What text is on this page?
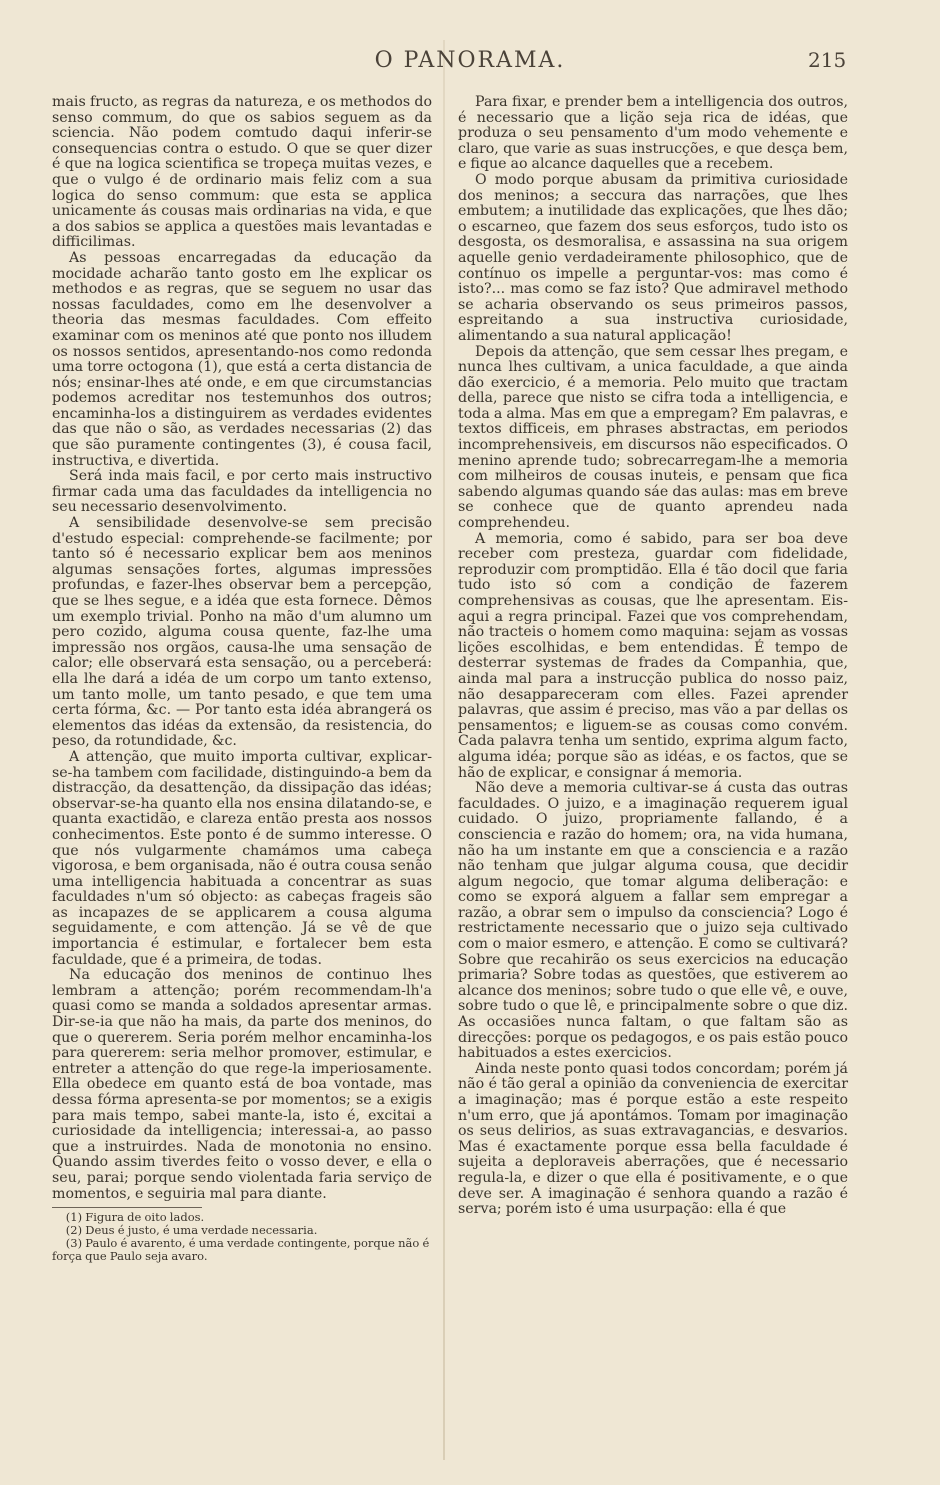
O PANORAMA.	215

mais fructo, as regras da natureza, e os methodos do senso commum, do que os sabios seguem as da sciencia. Não podem comtudo daqui inferir-se consequencias contra o estudo. O que se quer dizer é que na logica scientifica se tropeça muitas vezes, e que o vulgo é de ordinario mais feliz com a sua logica do senso commum: que esta se applica unicamente ás cousas mais ordinarias na vida, e que a dos sabios se applica a questões mais levantadas e difficilimas.

As pessoas encarregadas da educação da mocidade acharão tanto gosto em lhe explicar os methodos e as regras, que se seguem no usar das nossas faculdades, como em lhe desenvolver a theoria das mesmas faculdades. Com effeito examinar com os meninos até que ponto nos illudem os nossos sentidos, apresentando-nos como redonda uma torre octogona (1), que está a certa distancia de nós; ensinar-lhes até onde, e em que circumstancias podemos acreditar nos testemunhos dos outros; encaminha-los a distinguirem as verdades evidentes das que não o são, as verdades necessarias (2) das que são puramente contingentes (3), é cousa facil, instructiva, e divertida.

Será inda mais facil, e por certo mais instructivo firmar cada uma das faculdades da intelligencia no seu necessario desenvolvimento.

A sensibilidade desenvolve-se sem precisão d'estudo especial: comprehende-se facilmente; por tanto só é necessario explicar bem aos meninos algumas sensações fortes, algumas impressões profundas, e fazer-lhes observar bem a percepção, que se lhes segue, e a idéa que esta fornece. Dêmos um exemplo trivial. Ponho na mão d'um alumno um pero cozido, alguma cousa quente, faz-lhe uma impressão nos orgãos, causa-lhe uma sensação de calor; elle observará esta sensação, ou a perceberá: ella lhe dará a idéa de um corpo um tanto extenso, um tanto molle, um tanto pesado, e que tem uma certa fórma, &c. — Por tanto esta idéa abrangerá os elementos das idéas da extensão, da resistencia, do peso, da rotundidade, &c.

A attenção, que muito importa cultivar, explicar-se-ha tambem com facilidade, distinguindo-a bem da distracção, da desattenção, da dissipação das idéas; observar-se-ha quanto ella nos ensina dilatando-se, e quanta exactidão, e clareza então presta aos nossos conhecimentos. Este ponto é de summo interesse. O que nós vulgarmente chamámos uma cabeça vigorosa, e bem organisada, não é outra cousa senão uma intelligencia habituada a concentrar as suas faculdades n'um só objecto: as cabeças frageis são as incapazes de se applicarem a cousa alguma seguidamente, e com attenção. Já se vê de que importancia é estimular, e fortalecer bem esta faculdade, que é a primeira, de todas.

Na educação dos meninos de continuo lhes lembram a attenção; porém recommendam-lh'a quasi como se manda a soldados apresentar armas. Dir-se-ia que não ha mais, da parte dos meninos, do que o quererem. Seria porém melhor encaminha-los para quererem: seria melhor promover, estimular, e entreter a attenção do que rege-la imperiosamente. Ella obedece em quanto está de boa vontade, mas dessa fórma apresenta-se por momentos; se a exigis para mais tempo, sabei mante-la, isto é, excitai a curiosidade da intelligencia; interessai-a, ao passo que a instruirdes. Nada de monotonia no ensino. Quando assim tiverdes feito o vosso dever, e ella o seu, parai; porque sendo violentada faria serviço de momentos, e seguiria mal para diante.

(1) Figura de oito lados.

(2) Deus é justo, é uma verdade necessaria.

(3) Paulo é avarento, é uma verdade contingente, porque não é força que Paulo seja avaro.

Para fixar, e prender bem a intelligencia dos outros, é necessario que a lição seja rica de idéas, que produza o seu pensamento d'um modo vehemente e claro, que varie as suas instrucções, e que desça bem, e fique ao alcance daquelles que a recebem.

O modo porque abusam da primitiva curiosidade dos meninos; a seccura das narrações, que lhes embutem; a inutilidade das explicações, que lhes dão; o escarneo, que fazem dos seus esforços, tudo isto os desgosta, os desmoralisa, e assassina na sua origem aquelle genio verdadeiramente philosophico, que de contínuo os impelle a perguntar-vos: mas como é isto?... mas como se faz isto? Que admiravel methodo se acharia observando os seus primeiros passos, espreitando a sua instructiva curiosidade, alimentando a sua natural applicação!

Depois da attenção, que sem cessar lhes pregam, e nunca lhes cultivam, a unica faculdade, a que ainda dão exercicio, é a memoria. Pelo muito que tractam della, parece que nisto se cifra toda a intelligencia, e toda a alma. Mas em que a empregam? Em palavras, e textos difficeis, em phrases abstractas, em periodos incomprehensiveis, em discursos não especificados. O menino aprende tudo; sobrecarregam-lhe a memoria com milheiros de cousas inuteis, e pensam que fica sabendo algumas quando sáe das aulas: mas em breve se conhece que de quanto aprendeu nada comprehendeu.

A memoria, como é sabido, para ser boa deve receber com presteza, guardar com fidelidade, reproduzir com promptidão. Ella é tão docil que faria tudo isto só com a condição de fazerem comprehensivas as cousas, que lhe apresentam. Eis-aqui a regra principal. Fazei que vos comprehendam, não tracteis o homem como maquina: sejam as vossas lições escolhidas, e bem entendidas. É tempo de desterrar systemas de frades da Companhia, que, ainda mal para a instrucção publica do nosso paiz, não desappareceram com elles. Fazei aprender palavras, que assim é preciso, mas vão a par dellas os pensamentos; e liguem-se as cousas como convém. Cada palavra tenha um sentido, exprima algum facto, alguma idéa; porque são as idéas, e os factos, que se hão de explicar, e consignar á memoria.

Não deve a memoria cultivar-se á custa das outras faculdades. O juizo, e a imaginação requerem igual cuidado. O juizo, propriamente fallando, é a consciencia e razão do homem; ora, na vida humana, não ha um instante em que a consciencia e a razão não tenham que julgar alguma cousa, que decidir algum negocio, que tomar alguma deliberação: e como se exporá alguem a fallar sem empregar a razão, a obrar sem o impulso da consciencia? Logo é restrictamente necessario que o juizo seja cultivado com o maior esmero, e attenção. E como se cultivará? Sobre que recahirão os seus exercicios na educação primaria? Sobre todas as questões, que estiverem ao alcance dos meninos; sobre tudo o que elle vê, e ouve, sobre tudo o que lê, e principalmente sobre o que diz. As occasiões nunca faltam, o que faltam são as direcções: porque os pedagogos, e os pais estão pouco habituados a estes exercicios.

Ainda neste ponto quasi todos concordam; porém já não é tão geral a opinião da conveniencia de exercitar a imaginação; mas é porque estão a este respeito n'um erro, que já apontámos. Tomam por imaginação os seus delirios, as suas extravagancias, e desvarios. Mas é exactamente porque essa bella faculdade é sujeita a deploraveis aberrações, que é necessario regula-la, e dizer o que ella é positivamente, e o que deve ser. A imaginação é senhora quando a razão é serva; porém isto é uma usurpação: ella é que
